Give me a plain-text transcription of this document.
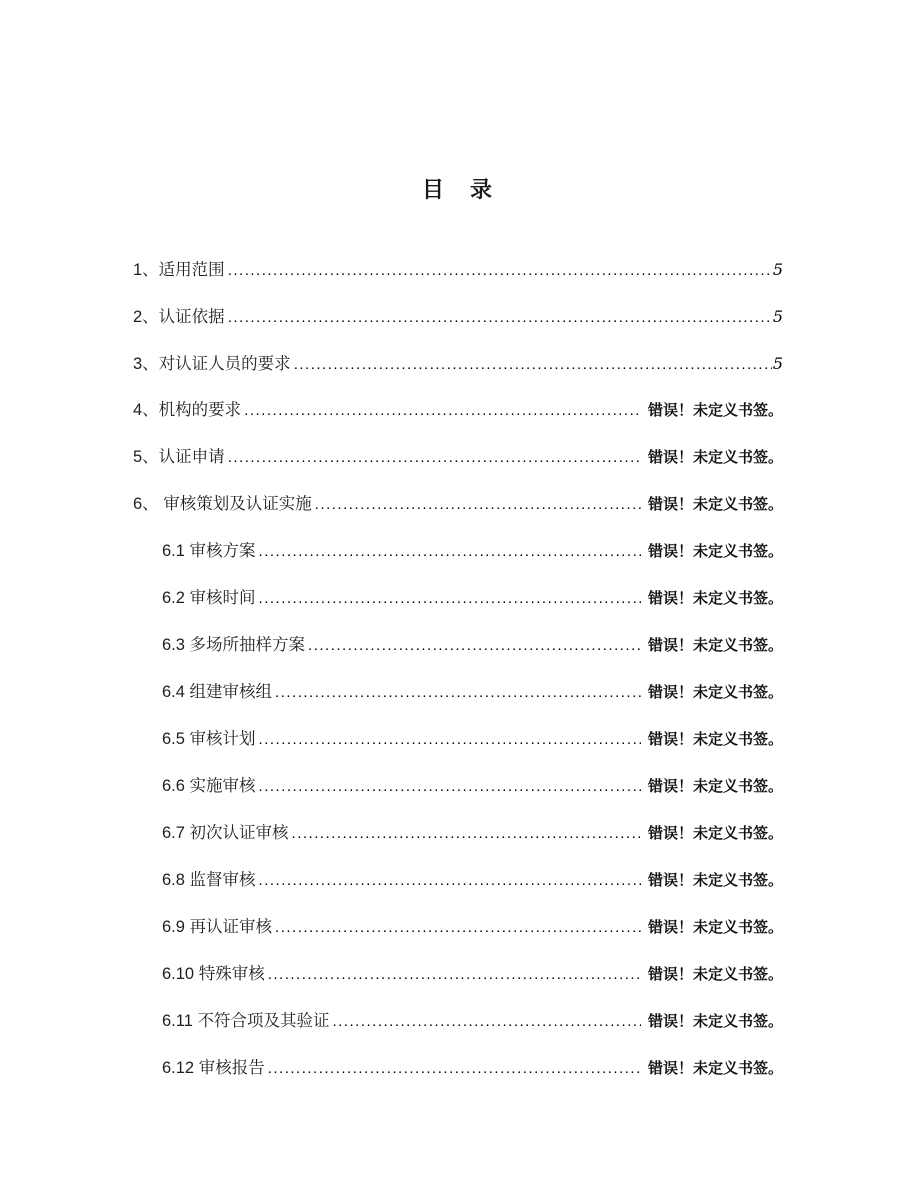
目　录
1、适用范围 .....	5
2、认证依据 .....	5
3、对认证人员的要求 .....	5
4、机构的要求 .....	错误！未定义书签。
5、认证申请 .....	错误！未定义书签。
6、 审核策划及认证实施 .....	错误！未定义书签。
6.1 审核方案 .....	错误！未定义书签。
6.2 审核时间 .....	错误！未定义书签。
6.3 多场所抽样方案 .....	错误！未定义书签。
6.4 组建审核组 .....	错误！未定义书签。
6.5 审核计划 .....	错误！未定义书签。
6.6 实施审核 .....	错误！未定义书签。
6.7 初次认证审核 .....	错误！未定义书签。
6.8 监督审核 .....	错误！未定义书签。
6.9 再认证审核 .....	错误！未定义书签。
6.10 特殊审核 .....	错误！未定义书签。
6.11 不符合项及其验证 .....	错误！未定义书签。
6.12 审核报告 .....	错误！未定义书签。
